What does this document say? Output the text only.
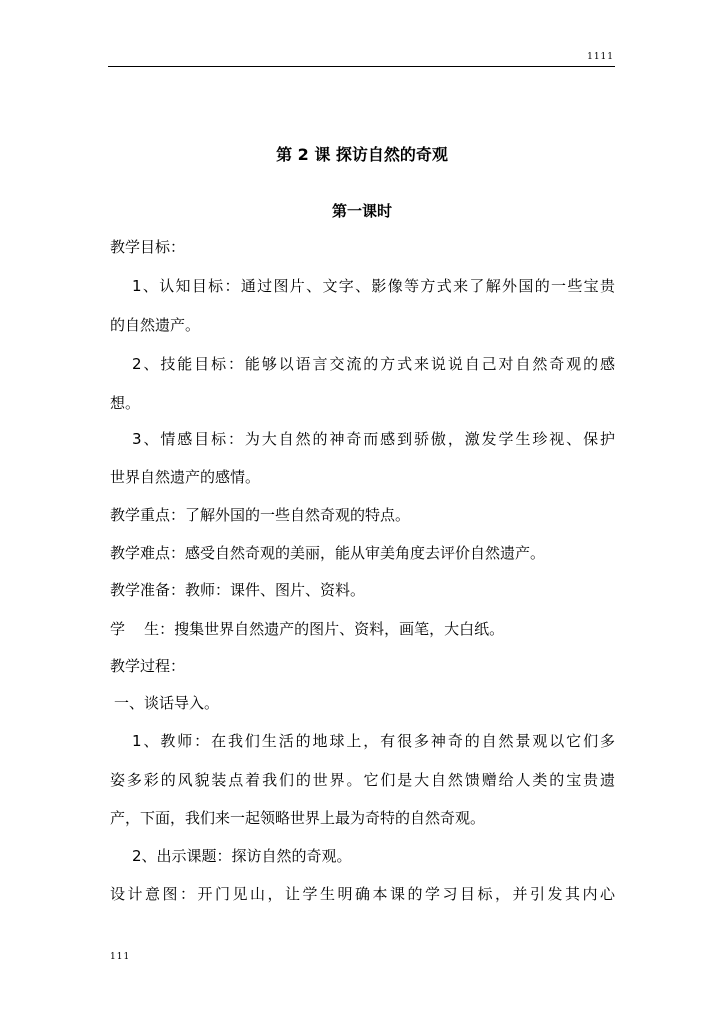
1111
第 2 课 探访自然的奇观
第一课时
教学目标：
1、认知目标：通过图片、文字、影像等方式来了解外国的一些宝贵
的自然遗产。
2、技能目标：能够以语言交流的方式来说说自己对自然奇观的感
想。
3、情感目标：为大自然的神奇而感到骄傲，激发学生珍视、保护
世界自然遗产的感情。
教学重点：了解外国的一些自然奇观的特点。
教学难点：感受自然奇观的美丽，能从审美角度去评价自然遗产。
教学准备：教师：课件、图片、资料。
学    生：搜集世界自然遗产的图片、资料，画笔，大白纸。
教学过程：
一、谈话导入。
1、教师：在我们生活的地球上，有很多神奇的自然景观以它们多
姿多彩的风貌装点着我们的世界。它们是大自然馈赠给人类的宝贵遗
产，下面，我们来一起领略世界上最为奇特的自然奇观。
2、出示课题：探访自然的奇观。
设计意图：开门见山，让学生明确本课的学习目标，并引发其内心
111
